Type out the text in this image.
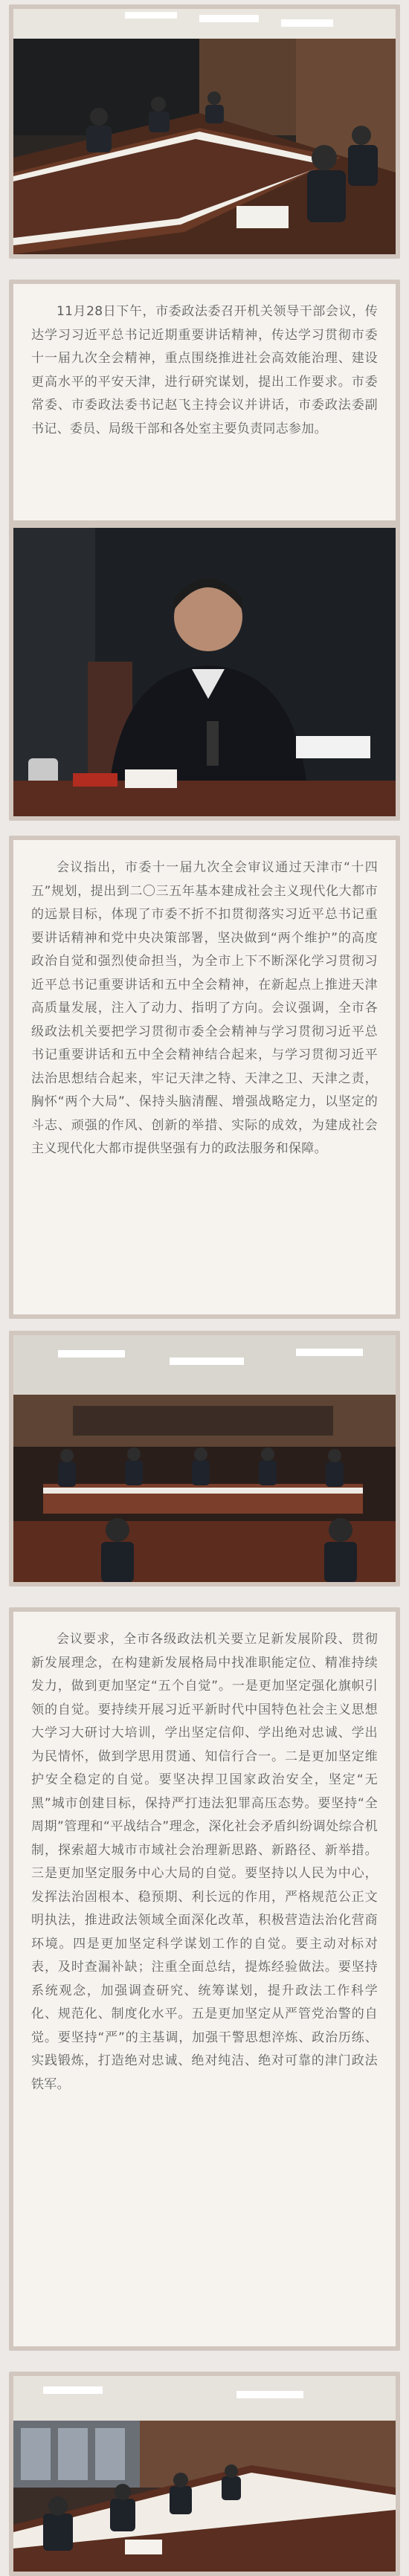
11月28日下午，市委政法委召开机关领导干部会议，传达学习习近平总书记近期重要讲话精神，传达学习贯彻市委十一届九次全会精神，重点围绕推进社会高效能治理、建设更高水平的平安天津，进行研究谋划，提出工作要求。市委常委、市委政法委书记赵飞主持会议并讲话，市委政法委副书记、委员、局级干部和各处室主要负责同志参加。

会议指出，市委十一届九次全会审议通过天津市“十四五”规划，提出到二〇三五年基本建成社会主义现代化大都市的远景目标，体现了市委不折不扣贯彻落实习近平总书记重要讲话精神和党中央决策部署，坚决做到“两个维护”的高度政治自觉和强烈使命担当，为全市上下不断深化学习贯彻习近平总书记重要讲话和五中全会精神，在新起点上推进天津高质量发展，注入了动力、指明了方向。会议强调，全市各级政法机关要把学习贯彻市委全会精神与学习贯彻习近平总书记重要讲话和五中全会精神结合起来，与学习贯彻习近平法治思想结合起来，牢记天津之特、天津之卫、天津之责，胸怀“两个大局”、保持头脑清醒、增强战略定力，以坚定的斗志、顽强的作风、创新的举措、实际的成效，为建成社会主义现代化大都市提供坚强有力的政法服务和保障。

会议要求，全市各级政法机关要立足新发展阶段、贯彻新发展理念，在构建新发展格局中找准职能定位、精准持续发力，做到更加坚定“五个自觉”。一是更加坚定强化旗帜引领的自觉。要持续开展习近平新时代中国特色社会主义思想大学习大研讨大培训，学出坚定信仰、学出绝对忠诚、学出为民情怀，做到学思用贯通、知信行合一。二是更加坚定维护安全稳定的自觉。要坚决捍卫国家政治安全，坚定“无黑”城市创建目标，保持严打违法犯罪高压态势。要坚持“全周期”管理和“平战结合”理念，深化社会矛盾纠纷调处综合机制，探索超大城市市域社会治理新思路、新路径、新举措。三是更加坚定服务中心大局的自觉。要坚持以人民为中心，发挥法治固根本、稳预期、利长远的作用，严格规范公正文明执法，推进政法领域全面深化改革，积极营造法治化营商环境。四是更加坚定科学谋划工作的自觉。要主动对标对表，及时查漏补缺；注重全面总结，提炼经验做法。要坚持系统观念，加强调查研究、统筹谋划，提升政法工作科学化、规范化、制度化水平。五是更加坚定从严管党治警的自觉。要坚持“严”的主基调，加强干警思想淬炼、政治历练、实践锻炼，打造绝对忠诚、绝对纯洁、绝对可靠的津门政法铁军。
